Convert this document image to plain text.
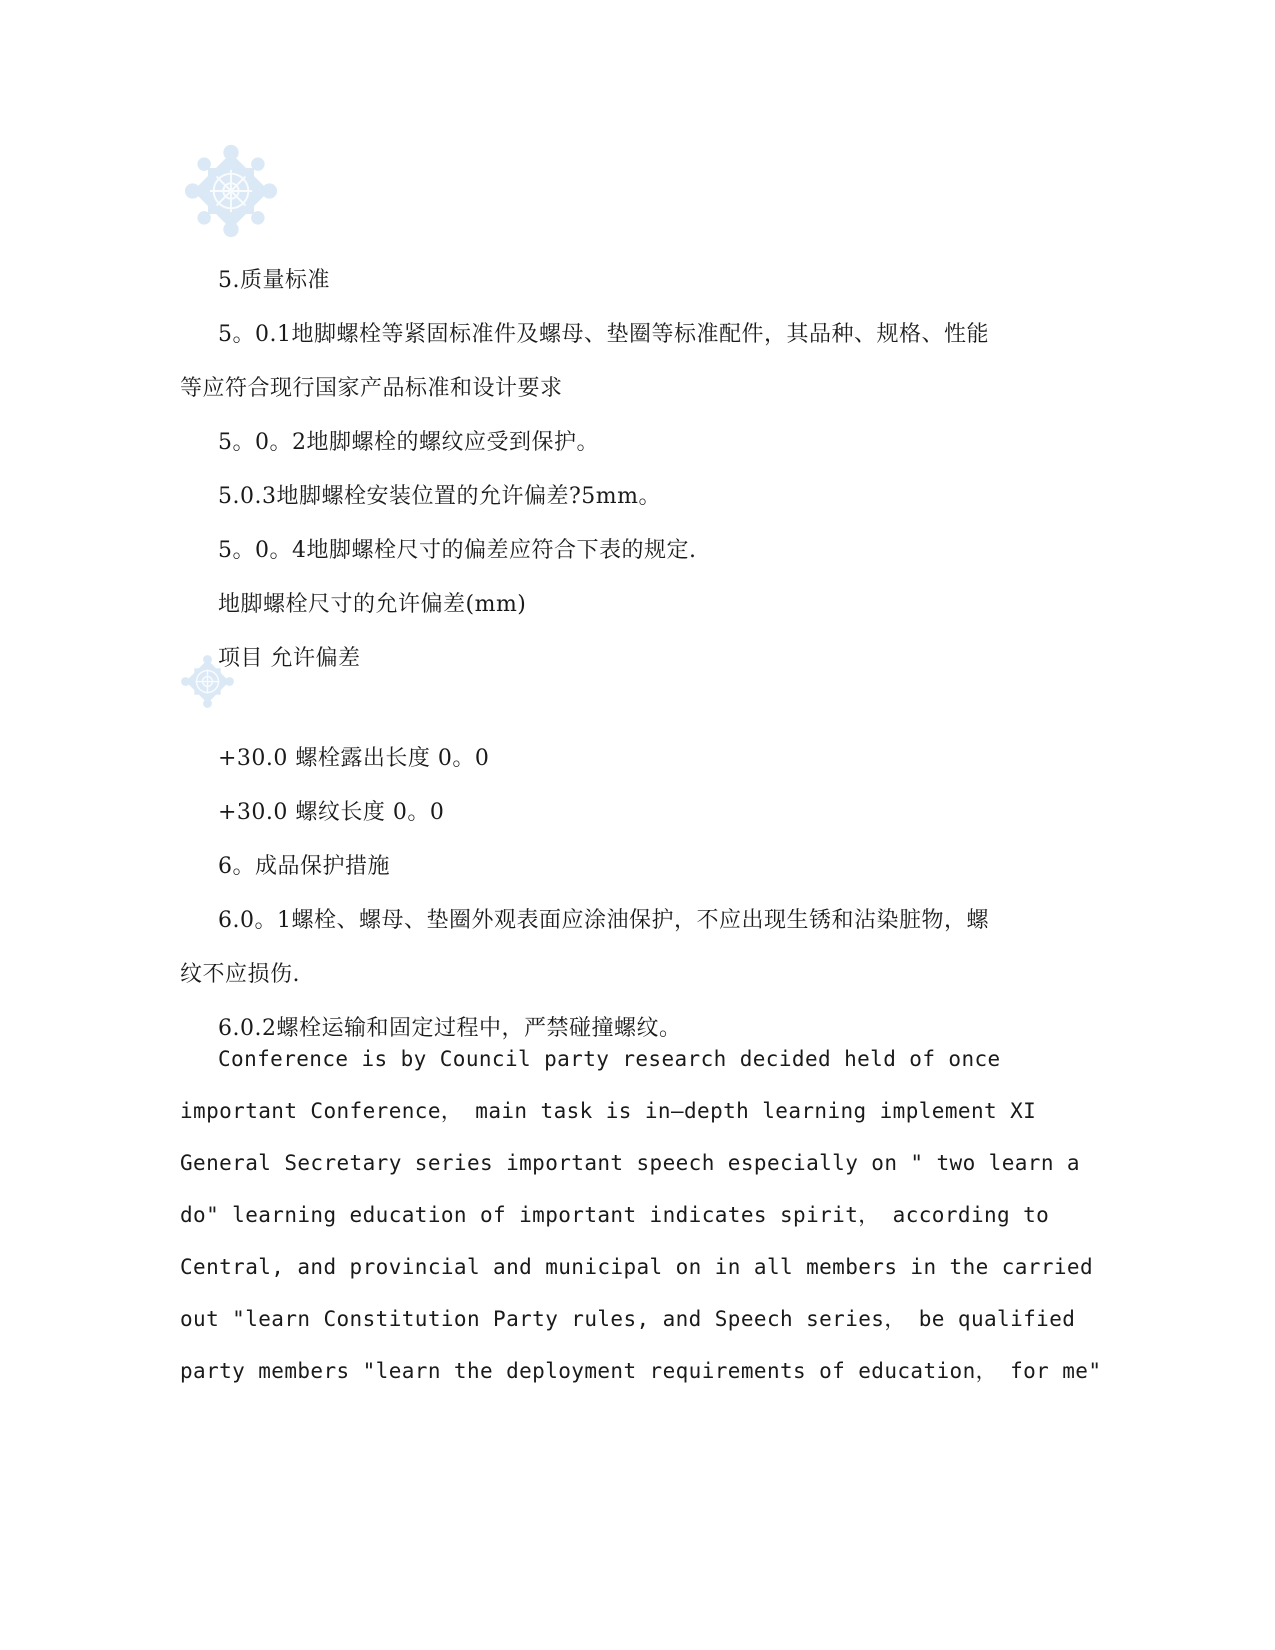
5.质量标准
5。0.1地脚螺栓等紧固标准件及螺母、垫圈等标准配件，其品种、规格、性能
等应符合现行国家产品标准和设计要求
5。0。2地脚螺栓的螺纹应受到保护。
5.0.3地脚螺栓安装位置的允许偏差?5mm。
5。0。4地脚螺栓尺寸的偏差应符合下表的规定.
地脚螺栓尺寸的允许偏差(mm)
项目 允许偏差
+30.0 螺栓露出长度 0。0
+30.0 螺纹长度 0。0
6。成品保护措施
6.0。1螺栓、螺母、垫圈外观表面应涂油保护，不应出现生锈和沾染脏物，螺
纹不应损伤.
6.0.2螺栓运输和固定过程中，严禁碰撞螺纹。
Conference is by Council party research decided held of once
important Conference， main task is in—depth learning implement XI
General Secretary series important speech especially on " two learn a
do" learning education of important indicates spirit， according to
Central, and provincial and municipal on in all members in the carried
out "learn Constitution Party rules, and Speech series， be qualified
party members "learn the deployment requirements of education， for me"
